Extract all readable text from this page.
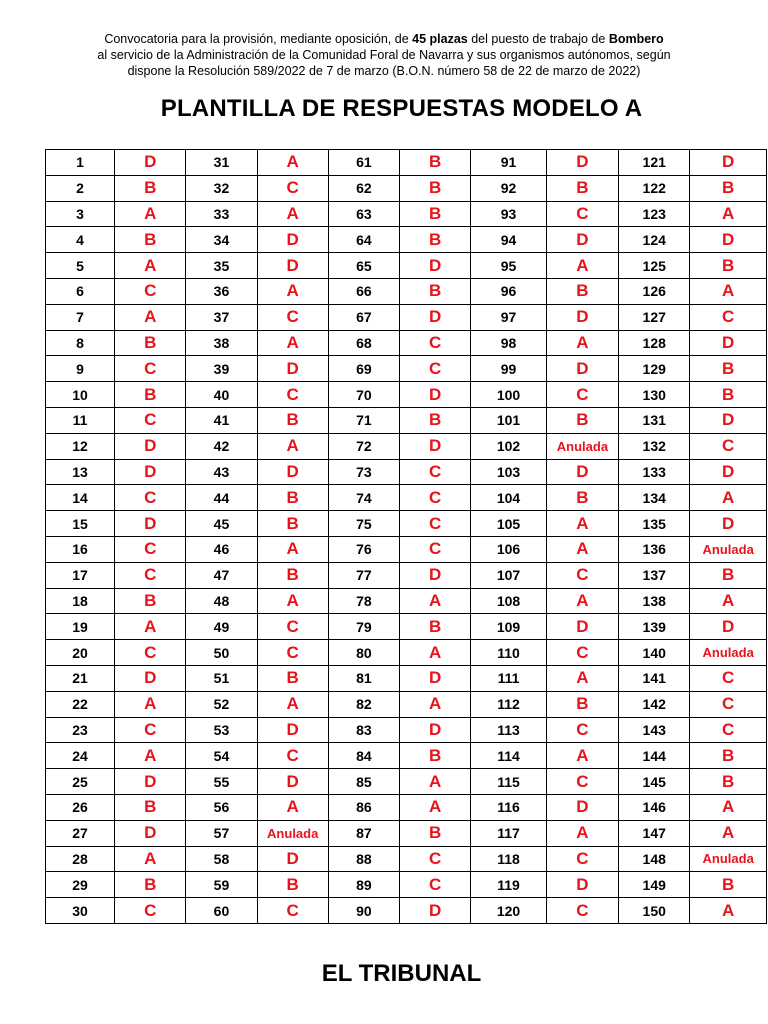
Convocatoria para la provisión, mediante oposición, de 45 plazas del puesto de trabajo de Bombero
al servicio de la Administración de la Comunidad Foral de Navarra y sus organismos autónomos, según
dispone la Resolución 589/2022 de 7 de marzo (B.O.N. número 58 de 22 de marzo de 2022)
PLANTILLA DE RESPUESTAS MODELO A
1	D	31	A	61	B	91	D	121	D
2	B	32	C	62	B	92	B	122	B
3	A	33	A	63	B	93	C	123	A
4	B	34	D	64	B	94	D	124	D
5	A	35	D	65	D	95	A	125	B
6	C	36	A	66	B	96	B	126	A
7	A	37	C	67	D	97	D	127	C
8	B	38	A	68	C	98	A	128	D
9	C	39	D	69	C	99	D	129	B
10	B	40	C	70	D	100	C	130	B
11	C	41	B	71	B	101	B	131	D
12	D	42	A	72	D	102	Anulada	132	C
13	D	43	D	73	C	103	D	133	D
14	C	44	B	74	C	104	B	134	A
15	D	45	B	75	C	105	A	135	D
16	C	46	A	76	C	106	A	136	Anulada
17	C	47	B	77	D	107	C	137	B
18	B	48	A	78	A	108	A	138	A
19	A	49	C	79	B	109	D	139	D
20	C	50	C	80	A	110	C	140	Anulada
21	D	51	B	81	D	111	A	141	C
22	A	52	A	82	A	112	B	142	C
23	C	53	D	83	D	113	C	143	C
24	A	54	C	84	B	114	A	144	B
25	D	55	D	85	A	115	C	145	B
26	B	56	A	86	A	116	D	146	A
27	D	57	Anulada	87	B	117	A	147	A
28	A	58	D	88	C	118	C	148	Anulada
29	B	59	B	89	C	119	D	149	B
30	C	60	C	90	D	120	C	150	A
EL TRIBUNAL
